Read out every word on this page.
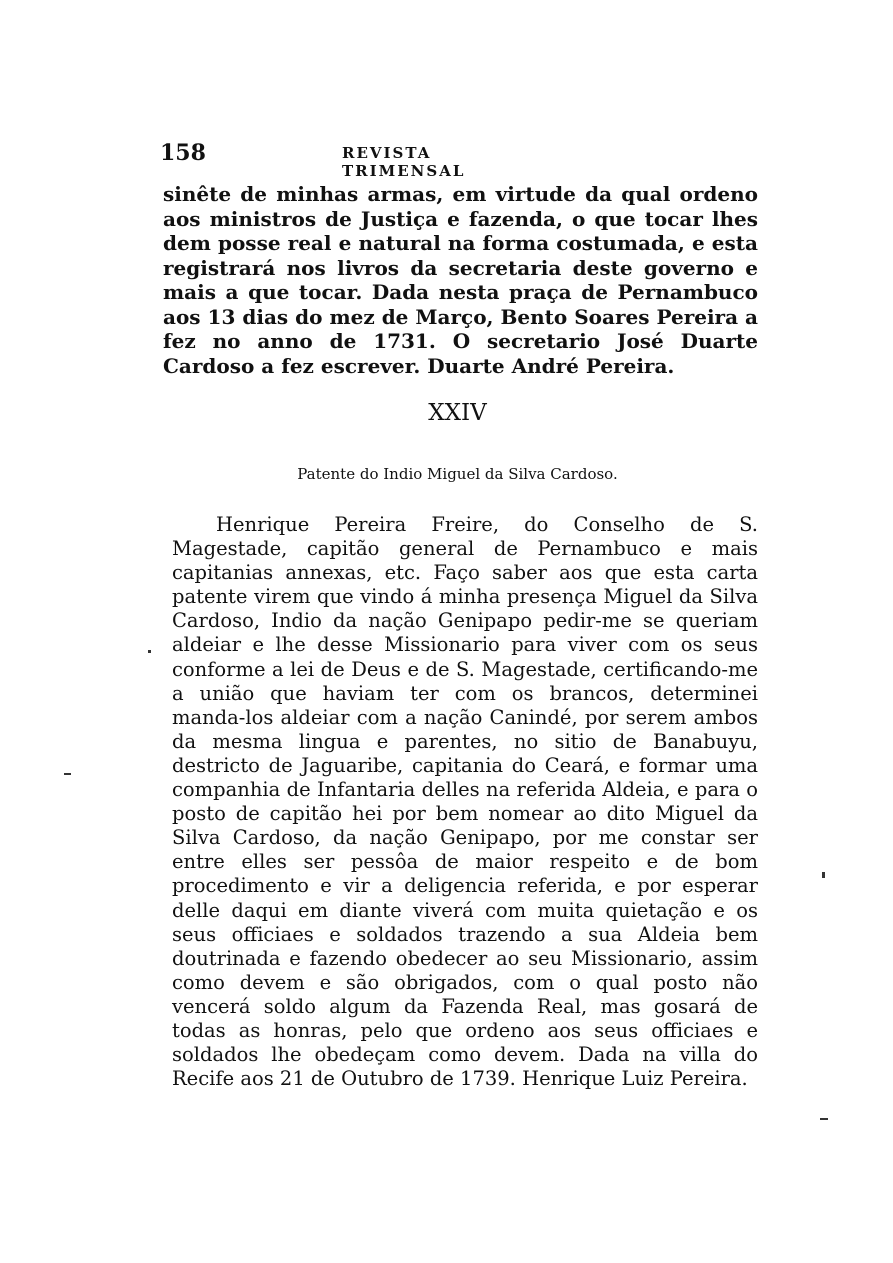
158	REVISTA TRIMENSAL
sinête de minhas armas, em virtude da qual ordeno aos ministros de Justiça e fazenda, o que tocar lhes dem posse real e natural na forma costumada, e esta registrará nos livros da secretaria deste governo e mais a que tocar. Dada nesta praça de Pernambuco aos 13 dias do mez de Março, Bento Soares Pereira a fez no anno de 1731. O secretario José Duarte Cardoso a fez escrever. Duarte André Pereira.
XXIV
Patente do Indio Miguel da Silva Cardoso.
Henrique Pereira Freire, do Conselho de S. Magestade, capitão general de Pernambuco e mais capitanias annexas, etc. Faço saber aos que esta carta patente virem que vindo á minha presença Miguel da Silva Cardoso, Indio da nação Genipapo pedir-me se queriam aldeiar e lhe desse Missionario para viver com os seus conforme a lei de Deus e de S. Magestade, certificando-me a união que haviam ter com os brancos, determinei manda-los aldeiar com a nação Canindé, por serem ambos da mesma lingua e parentes, no sitio de Banabuyu, destricto de Jaguaribe, capitania do Ceará, e formar uma companhia de Infantaria delles na referida Aldeia, e para o posto de capitão hei por bem nomear ao dito Miguel da Silva Cardoso, da nação Genipapo, por me constar ser entre elles ser pessôa de maior respeito e de bom procedimento e vir a deligencia referida, e por esperar delle daqui em diante viverá com muita quietação e os seus officiaes e soldados trazendo a sua Aldeia bem doutrinada e fazendo obedecer ao seu Missionario, assim como devem e são obrigados, com o qual posto não vencerá soldo algum da Fazenda Real, mas gosará de todas as honras, pelo que ordeno aos seus officiaes e soldados lhe obedeçam como devem. Dada na villa do Recife aos 21 de Outubro de 1739. Henrique Luiz Pereira.
